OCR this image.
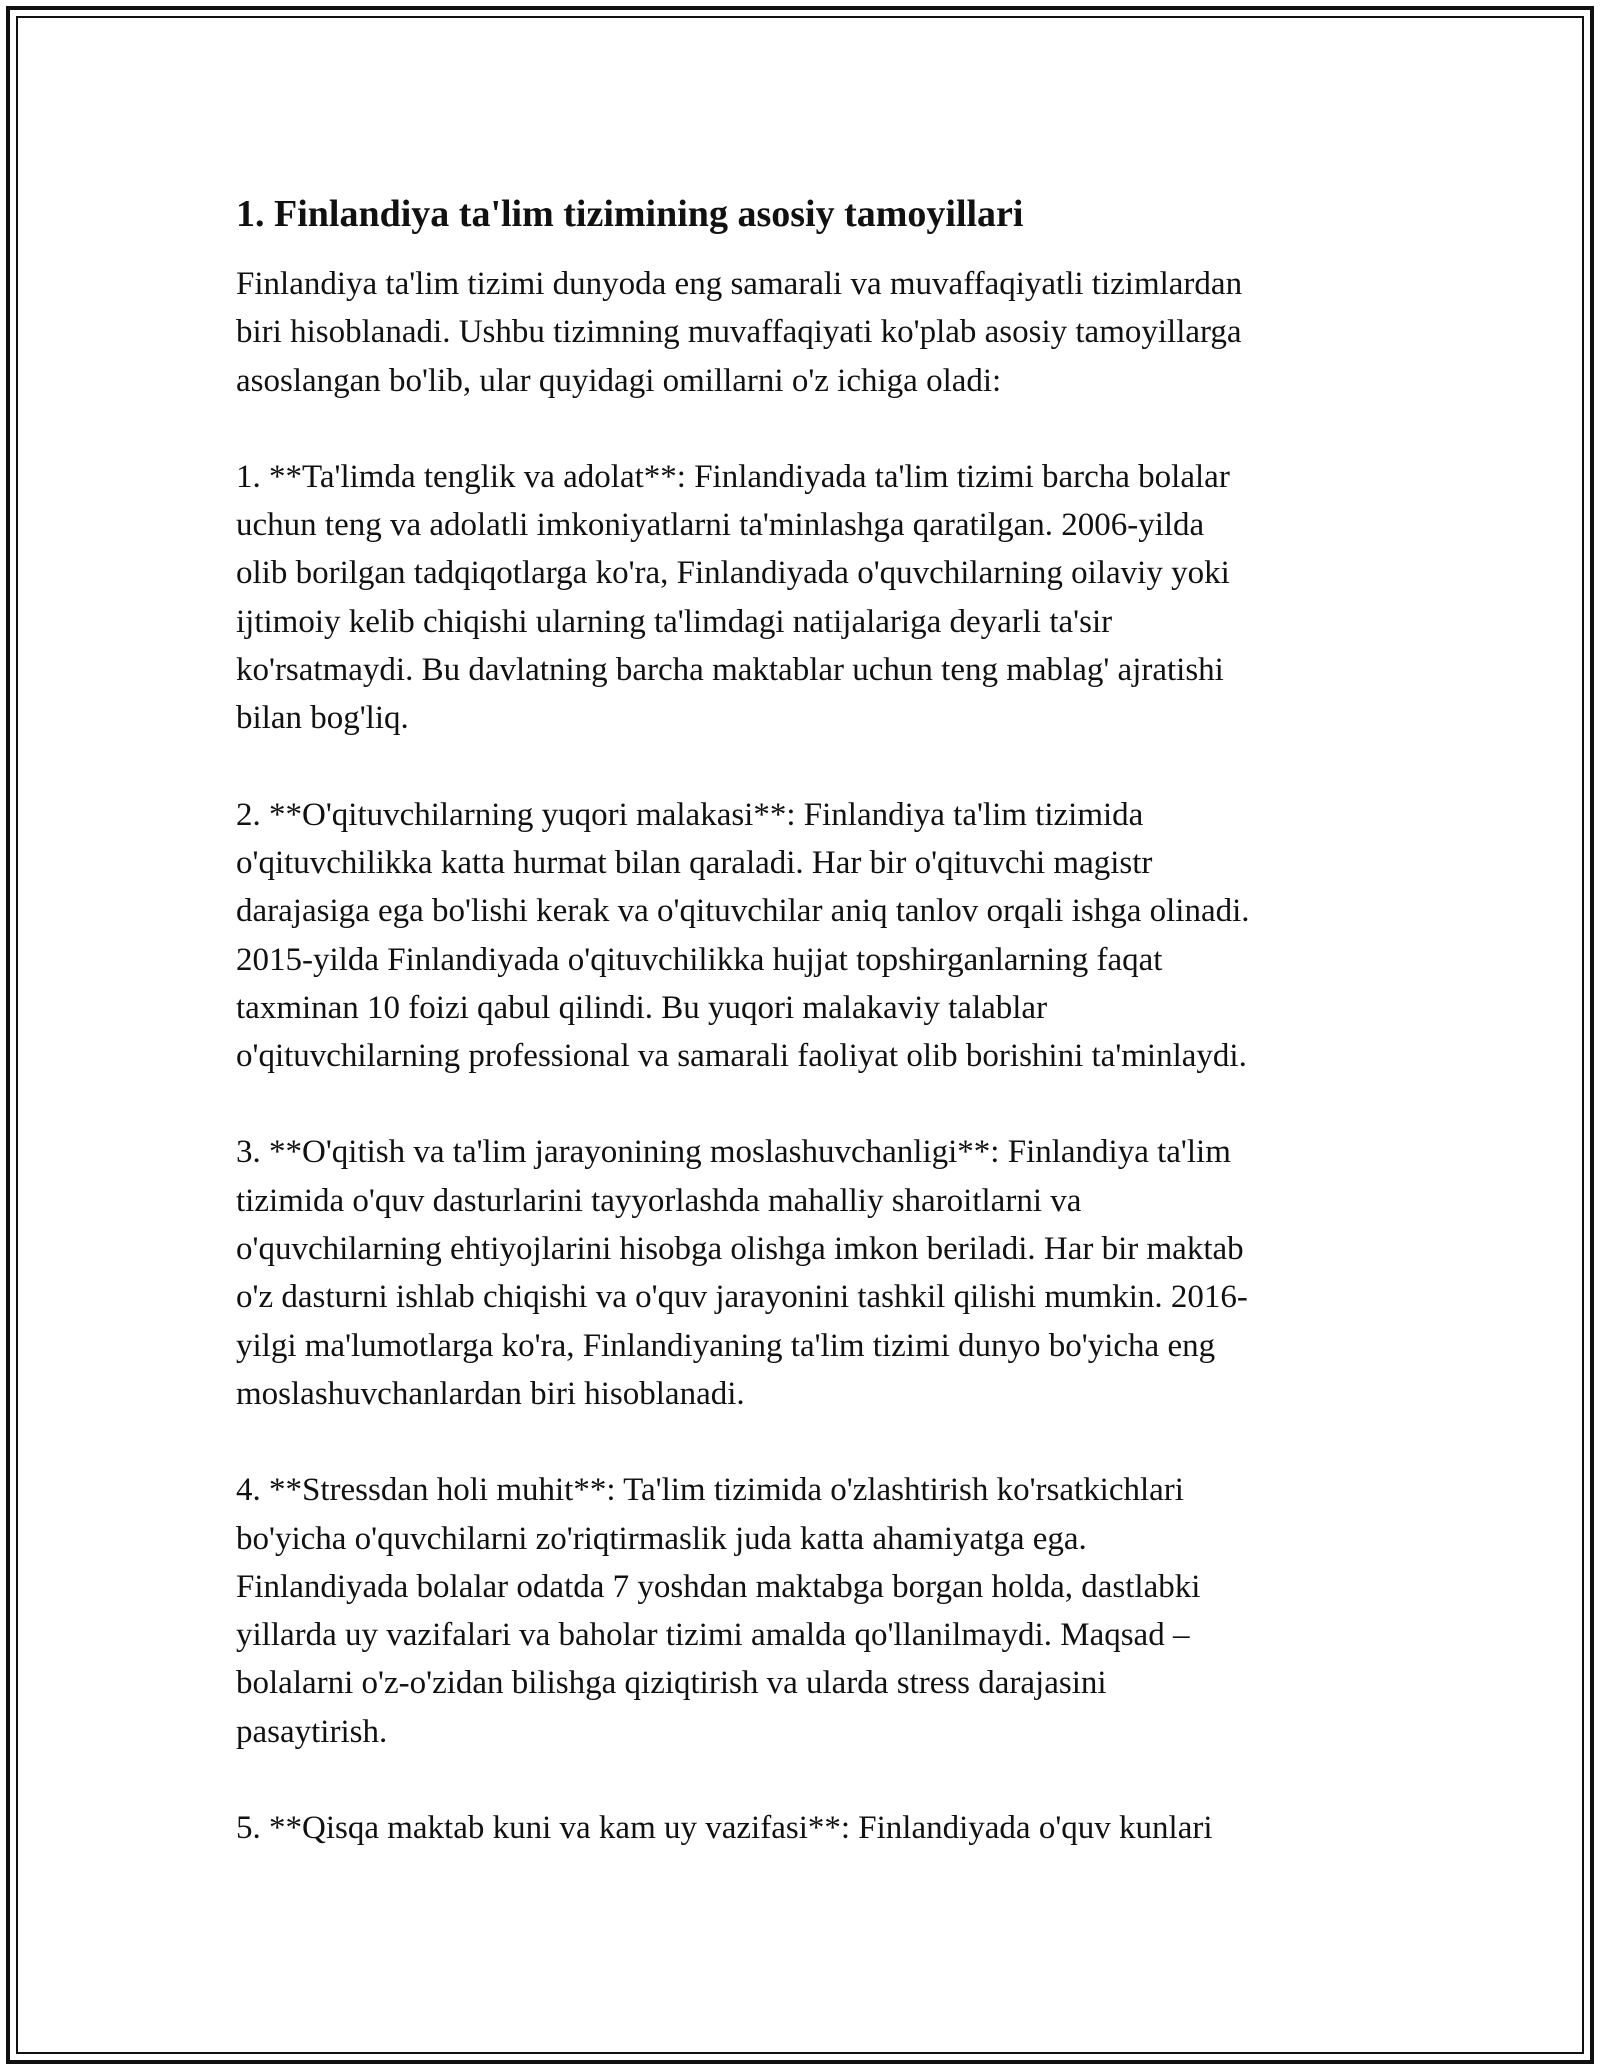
1. Finlandiya ta'lim tizimining asosiy tamoyillari

Finlandiya ta'lim tizimi dunyoda eng samarali va muvaffaqiyatli tizimlardan
biri hisoblanadi. Ushbu tizimning muvaffaqiyati ko'plab asosiy tamoyillarga
asoslangan bo'lib, ular quyidagi omillarni o'z ichiga oladi:

1. **Ta'limda tenglik va adolat**: Finlandiyada ta'lim tizimi barcha bolalar
uchun teng va adolatli imkoniyatlarni ta'minlashga qaratilgan. 2006-yilda
olib borilgan tadqiqotlarga ko'ra, Finlandiyada o'quvchilarning oilaviy yoki
ijtimoiy kelib chiqishi ularning ta'limdagi natijalariga deyarli ta'sir
ko'rsatmaydi. Bu davlatning barcha maktablar uchun teng mablag' ajratishi
bilan bog'liq.

2. **O'qituvchilarning yuqori malakasi**: Finlandiya ta'lim tizimida
o'qituvchilikka katta hurmat bilan qaraladi. Har bir o'qituvchi magistr
darajasiga ega bo'lishi kerak va o'qituvchilar aniq tanlov orqali ishga olinadi.
2015-yilda Finlandiyada o'qituvchilikka hujjat topshirganlarning faqat
taxminan 10 foizi qabul qilindi. Bu yuqori malakaviy talablar
o'qituvchilarning professional va samarali faoliyat olib borishini ta'minlaydi.

3. **O'qitish va ta'lim jarayonining moslashuvchanligi**: Finlandiya ta'lim
tizimida o'quv dasturlarini tayyorlashda mahalliy sharoitlarni va
o'quvchilarning ehtiyojlarini hisobga olishga imkon beriladi. Har bir maktab
o'z dasturni ishlab chiqishi va o'quv jarayonini tashkil qilishi mumkin. 2016-
yilgi ma'lumotlarga ko'ra, Finlandiyaning ta'lim tizimi dunyo bo'yicha eng
moslashuvchanlardan biri hisoblanadi.

4. **Stressdan holi muhit**: Ta'lim tizimida o'zlashtirish ko'rsatkichlari
bo'yicha o'quvchilarni zo'riqtirmaslik juda katta ahamiyatga ega.
Finlandiyada bolalar odatda 7 yoshdan maktabga borgan holda, dastlabki
yillarda uy vazifalari va baholar tizimi amalda qo'llanilmaydi. Maqsad –
bolalarni o'z-o'zidan bilishga qiziqtirish va ularda stress darajasini
pasaytirish.

5. **Qisqa maktab kuni va kam uy vazifasi**: Finlandiyada o'quv kunlari
